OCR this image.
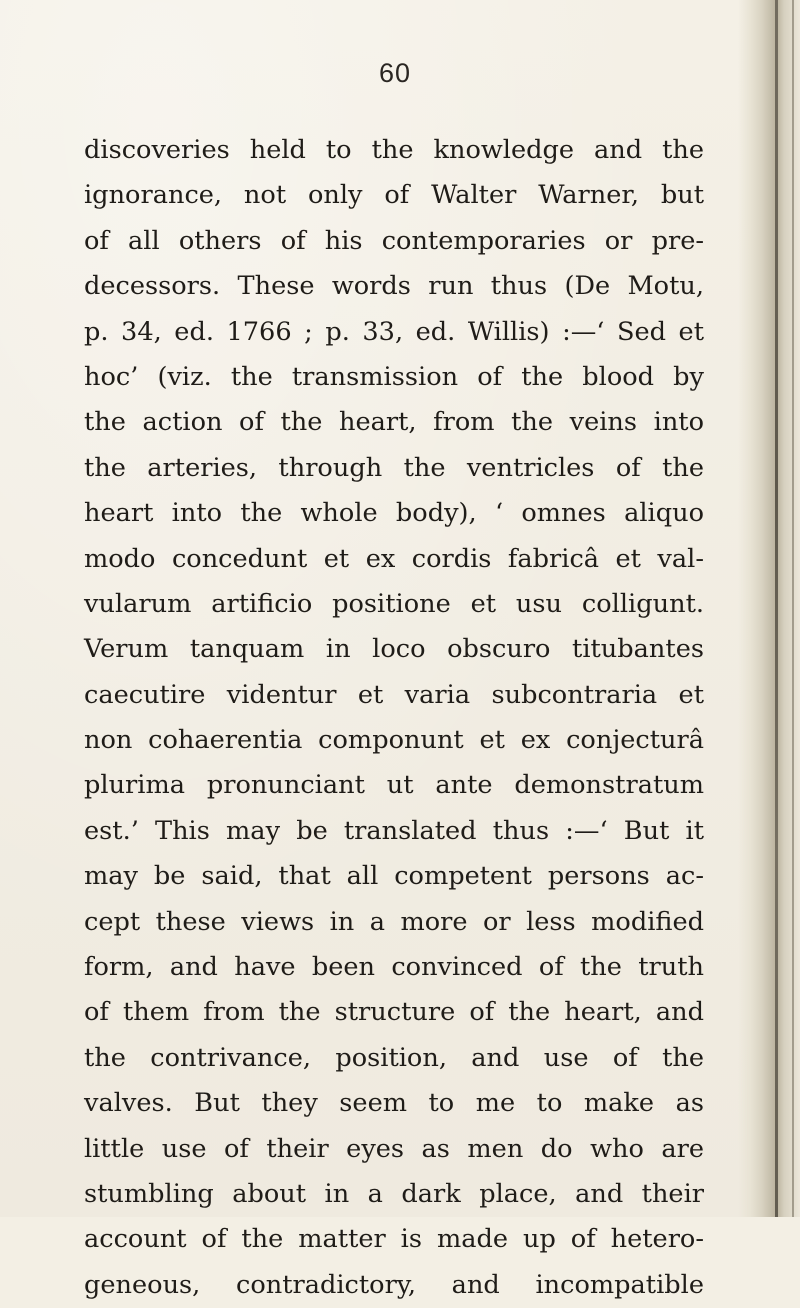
60
discoveries held to the knowledge and the
ignorance, not only of Walter Warner, but
of all others of his contemporaries or pre-
decessors. These words run thus (De Motu,
p. 34, ed. 1766 ; p. 33, ed. Willis) :—‘ Sed et
hoc’ (viz. the transmission of the blood by
the action of the heart, from the veins into
the arteries, through the ventricles of the
heart into the whole body), ‘ omnes aliquo
modo concedunt et ex cordis fabricâ et val-
vularum artificio positione et usu colligunt.
Verum tanquam in loco obscuro titubantes
caecutire videntur et varia subcontraria et
non cohaerentia componunt et ex conjecturâ
plurima pronunciant ut ante demonstratum
est.’ This may be translated thus :—‘ But it
may be said, that all competent persons ac-
cept these views in a more or less modified
form, and have been convinced of the truth
of them from the structure of the heart, and
the contrivance, position, and use of the
valves. But they seem to me to make as
little use of their eyes as men do who are
stumbling about in a dark place, and their
account of the matter is made up of hetero-
geneous, contradictory, and incompatible
